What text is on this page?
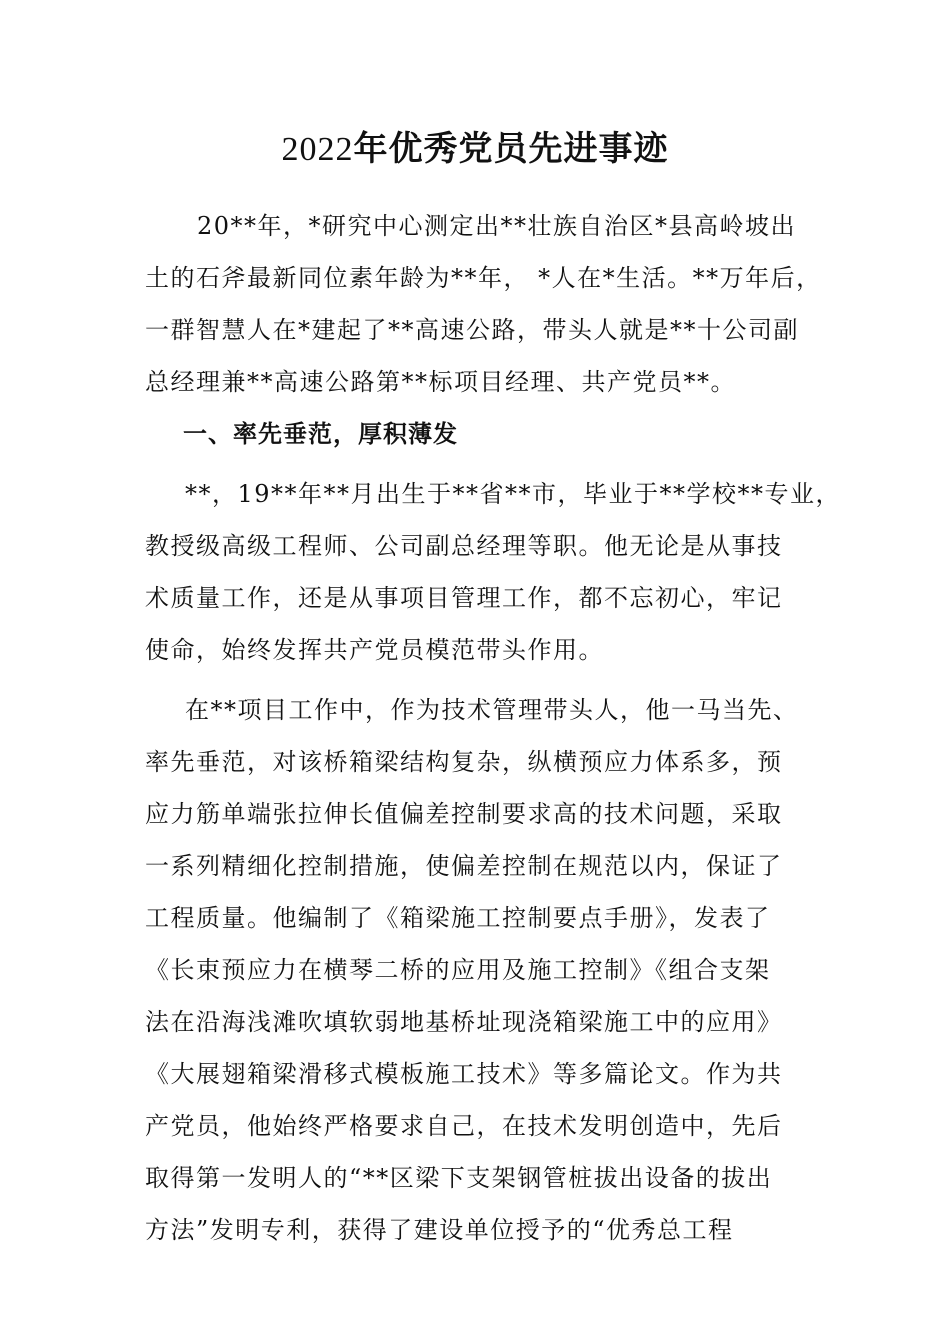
2022年优秀党员先进事迹
20**年，*研究中心测定出**壮族自治区*县高岭坡出
土的石斧最新同位素年龄为**年， *人在*生活。**万年后，
一群智慧人在*建起了**高速公路，带头人就是**十公司副
总经理兼**高速公路第**标项目经理、共产党员**。
一、率先垂范，厚积薄发
**，19**年**月出生于**省**市，毕业于**学校**专业，
教授级高级工程师、公司副总经理等职。他无论是从事技
术质量工作，还是从事项目管理工作，都不忘初心，牢记
使命，始终发挥共产党员模范带头作用。
在**项目工作中，作为技术管理带头人，他一马当先、
率先垂范，对该桥箱梁结构复杂，纵横预应力体系多，预
应力筋单端张拉伸长值偏差控制要求高的技术问题，采取
一系列精细化控制措施，使偏差控制在规范以内，保证了
工程质量。他编制了《箱梁施工控制要点手册》，发表了
《长束预应力在横琴二桥的应用及施工控制》《组合支架
法在沿海浅滩吹填软弱地基桥址现浇箱梁施工中的应用》
《大展翅箱梁滑移式模板施工技术》等多篇论文。作为共
产党员，他始终严格要求自己，在技术发明创造中，先后
取得第一发明人的“**区梁下支架钢管桩拔出设备的拔出
方法”发明专利，获得了建设单位授予的“优秀总工程
